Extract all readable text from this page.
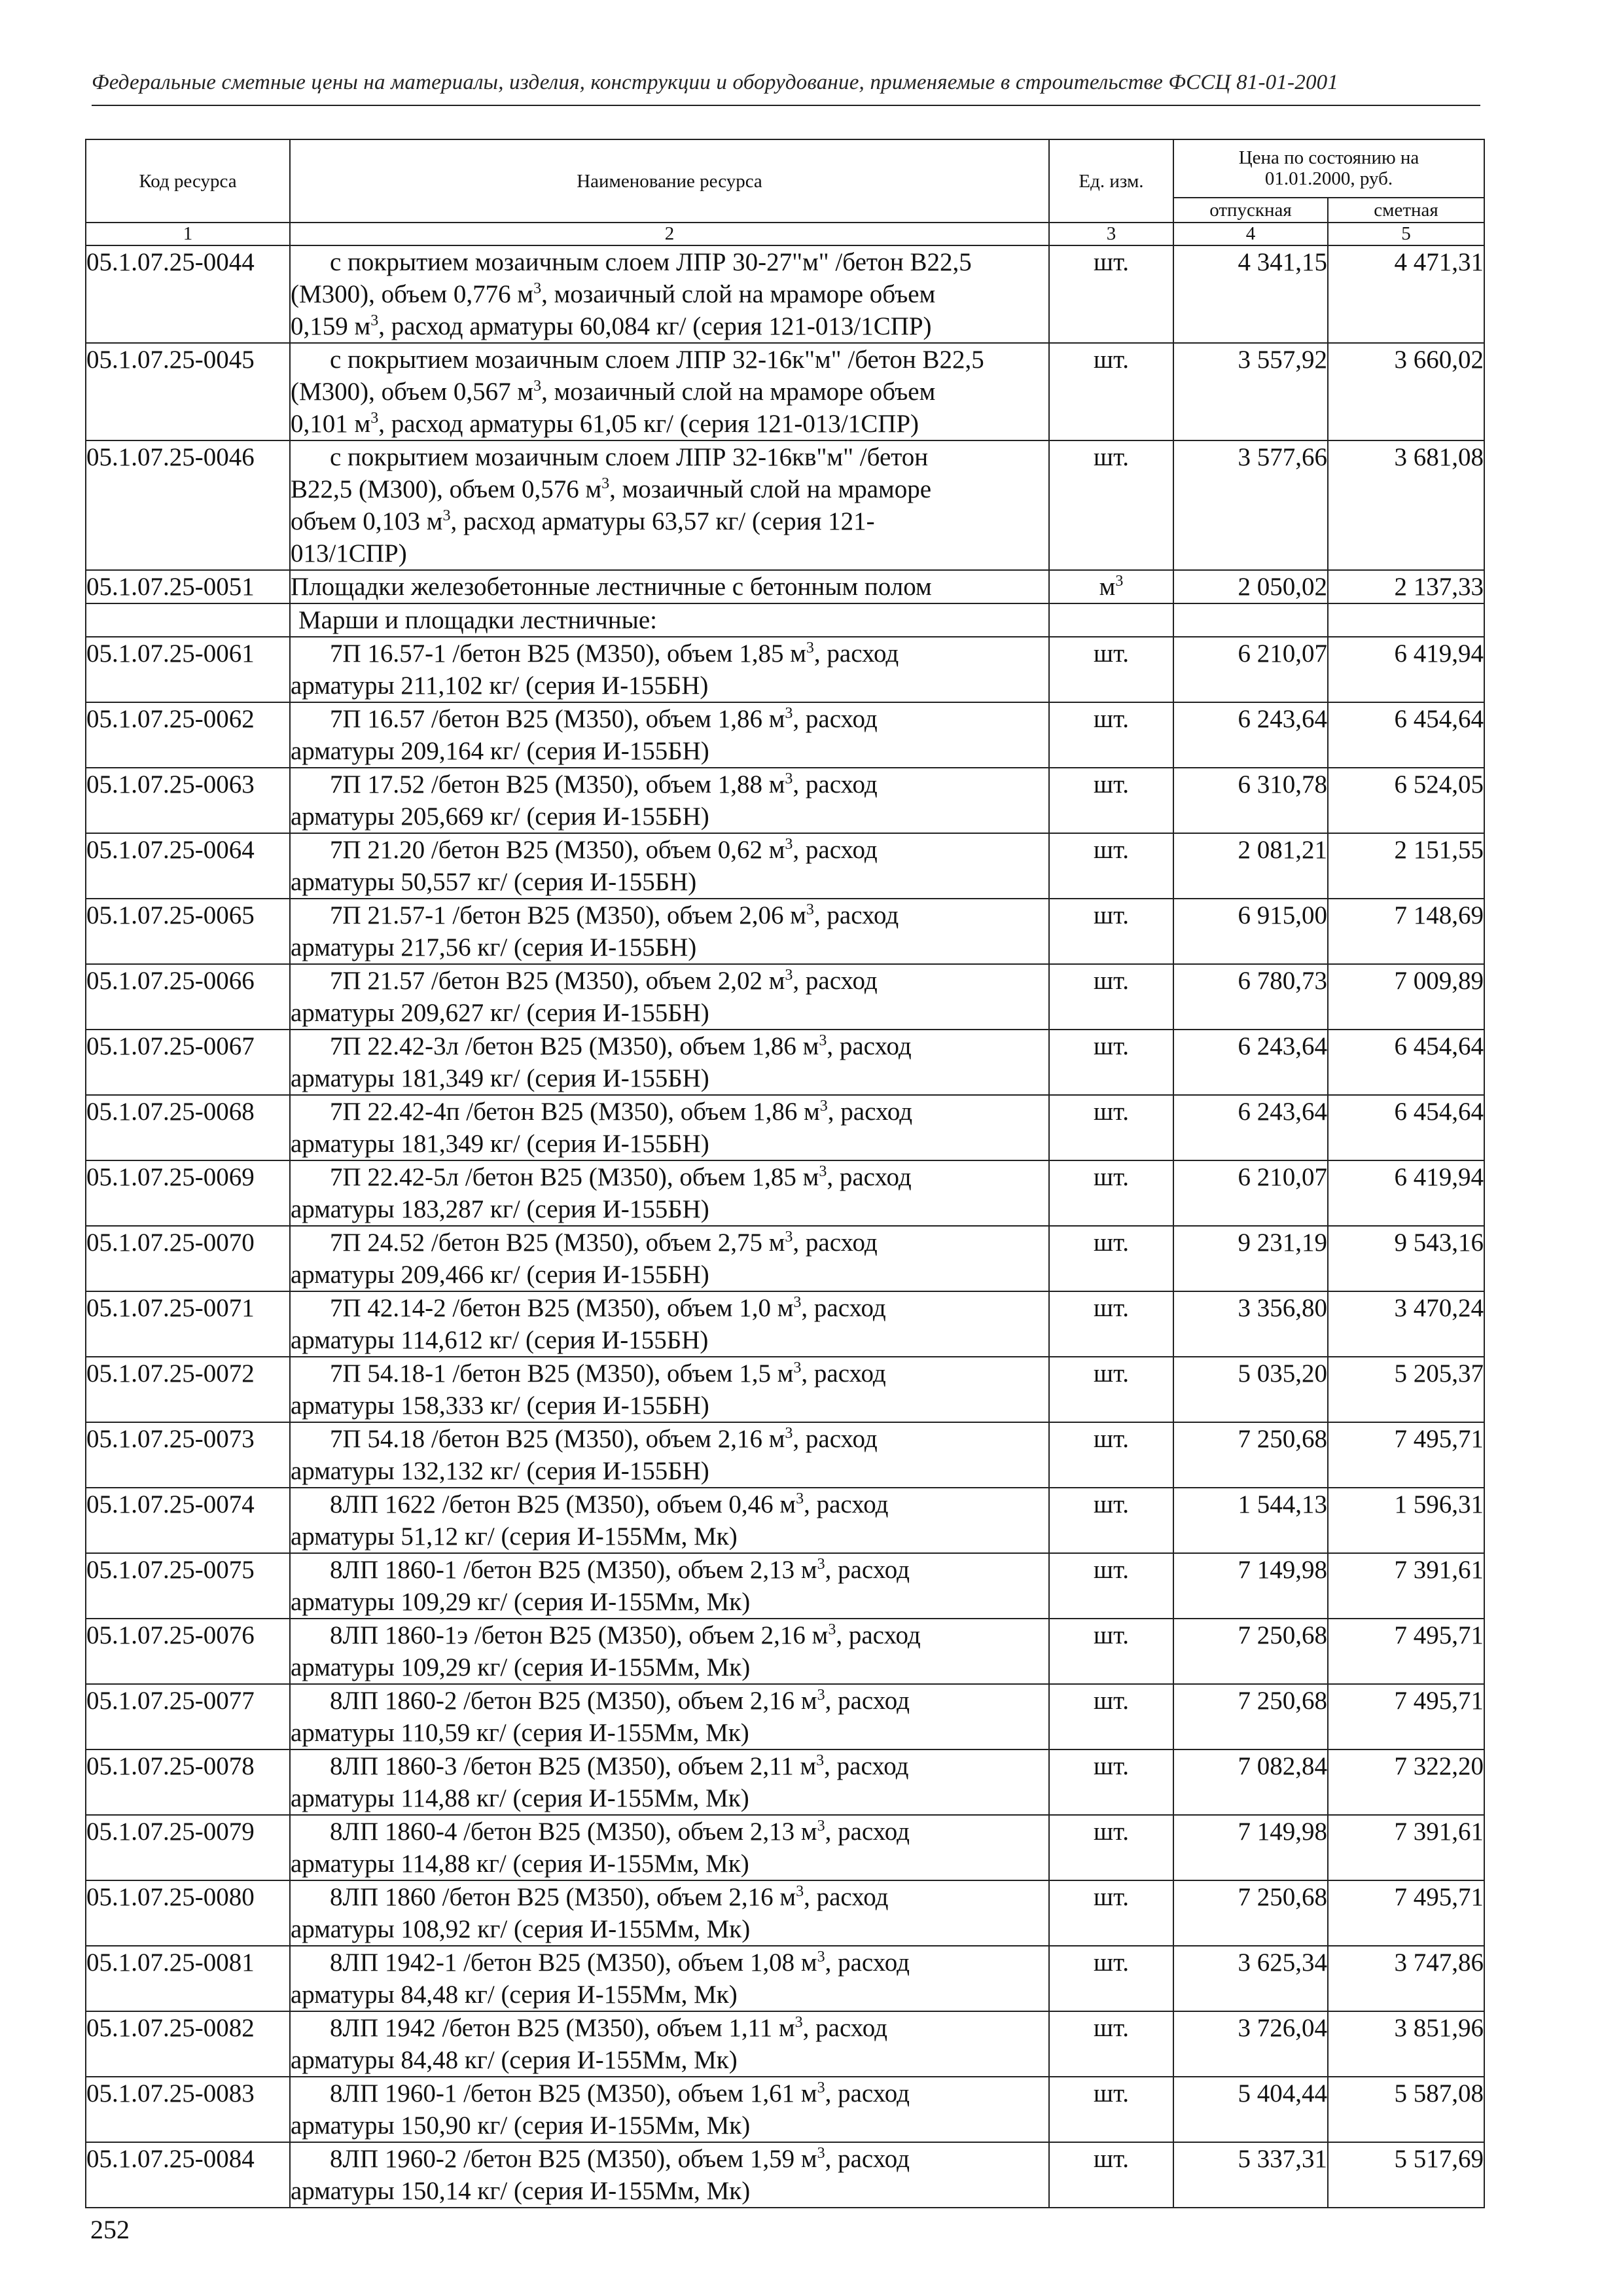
Федеральные сметные цены на материалы, изделия, конструкции и оборудование, применяемые в строительстве ФССЦ 81-01-2001
Код ресурса	Наименование ресурса	Ед. изм.	Цена по состоянию на
01.01.2000, руб.	

			отпускная	сметная
1	2	3	4	5
05.1.07.25-0044	с покрытием мозаичным слоем ЛПР 30-27"м" /бетон В22,5
(М300), объем 0,776 $м^3$, мозаичный слой на мраморе объем
0,159 $м^3$, расход арматуры 60,084 кг/ (серия 121-013/1СПР)	шт.	4 341,15	4 471,31
05.1.07.25-0045	с покрытием мозаичным слоем ЛПР 32-16к"м" /бетон В22,5
(М300), объем 0,567 $м^3$, мозаичный слой на мраморе объем
0,101 $м^3$, расход арматуры 61,05 кг/ (серия 121-013/1СПР)	шт.	3 557,92	3 660,02
05.1.07.25-0046	с покрытием мозаичным слоем ЛПР 32-16кв"м" /бетон
В22,5 (М300), объем 0,576 $м^3$, мозаичный слой на мраморе
объем 0,103 $м^3$, расход арматуры 63,57 кг/ (серия 121-
013/1СПР)	шт.	3 577,66	3 681,08
05.1.07.25-0051	Площадки железобетонные лестничные с бетонным полом	$м^3$	2 050,02	2 137,33

	Марши и площадки лестничные:			

05.1.07.25-0061	7П 16.57-1 /бетон В25 (М350), объем 1,85 $м^3$, расход
арматуры 211,102 кг/ (серия И-155БН)	шт.	6 210,07	6 419,94
05.1.07.25-0062	7П 16.57 /бетон В25 (М350), объем 1,86 $м^3$, расход
арматуры 209,164 кг/ (серия И-155БН)	шт.	6 243,64	6 454,64
05.1.07.25-0063	7П 17.52 /бетон В25 (М350), объем 1,88 $м^3$, расход
арматуры 205,669 кг/ (серия И-155БН)	шт.	6 310,78	6 524,05
05.1.07.25-0064	7П 21.20 /бетон В25 (М350), объем 0,62 $м^3$, расход
арматуры 50,557 кг/ (серия И-155БН)	шт.	2 081,21	2 151,55
05.1.07.25-0065	7П 21.57-1 /бетон В25 (М350), объем 2,06 $м^3$, расход
арматуры 217,56 кг/ (серия И-155БН)	шт.	6 915,00	7 148,69
05.1.07.25-0066	7П 21.57 /бетон В25 (М350), объем 2,02 $м^3$, расход
арматуры 209,627 кг/ (серия И-155БН)	шт.	6 780,73	7 009,89
05.1.07.25-0067	7П 22.42-3л /бетон В25 (М350), объем 1,86 $м^3$, расход
арматуры 181,349 кг/ (серия И-155БН)	шт.	6 243,64	6 454,64
05.1.07.25-0068	7П 22.42-4п /бетон В25 (М350), объем 1,86 $м^3$, расход
арматуры 181,349 кг/ (серия И-155БН)	шт.	6 243,64	6 454,64
05.1.07.25-0069	7П 22.42-5л /бетон В25 (М350), объем 1,85 $м^3$, расход
арматуры 183,287 кг/ (серия И-155БН)	шт.	6 210,07	6 419,94
05.1.07.25-0070	7П 24.52 /бетон В25 (М350), объем 2,75 $м^3$, расход
арматуры 209,466 кг/ (серия И-155БН)	шт.	9 231,19	9 543,16
05.1.07.25-0071	7П 42.14-2 /бетон В25 (М350), объем 1,0 $м^3$, расход
арматуры 114,612 кг/ (серия И-155БН)	шт.	3 356,80	3 470,24
05.1.07.25-0072	7П 54.18-1 /бетон В25 (М350), объем 1,5 $м^3$, расход
арматуры 158,333 кг/ (серия И-155БН)	шт.	5 035,20	5 205,37
05.1.07.25-0073	7П 54.18 /бетон В25 (М350), объем 2,16 $м^3$, расход
арматуры 132,132 кг/ (серия И-155БН)	шт.	7 250,68	7 495,71
05.1.07.25-0074	8ЛП 1622 /бетон В25 (М350), объем 0,46 $м^3$, расход
арматуры 51,12 кг/ (серия И-155Мм, Мк)	шт.	1 544,13	1 596,31
05.1.07.25-0075	8ЛП 1860-1 /бетон В25 (М350), объем 2,13 $м^3$, расход
арматуры 109,29 кг/ (серия И-155Мм, Мк)	шт.	7 149,98	7 391,61
05.1.07.25-0076	8ЛП 1860-1э /бетон В25 (М350), объем 2,16 $м^3$, расход
арматуры 109,29 кг/ (серия И-155Мм, Мк)	шт.	7 250,68	7 495,71
05.1.07.25-0077	8ЛП 1860-2 /бетон В25 (М350), объем 2,16 $м^3$, расход
арматуры 110,59 кг/ (серия И-155Мм, Мк)	шт.	7 250,68	7 495,71
05.1.07.25-0078	8ЛП 1860-3 /бетон В25 (М350), объем 2,11 $м^3$, расход
арматуры 114,88 кг/ (серия И-155Мм, Мк)	шт.	7 082,84	7 322,20
05.1.07.25-0079	8ЛП 1860-4 /бетон В25 (М350), объем 2,13 $м^3$, расход
арматуры 114,88 кг/ (серия И-155Мм, Мк)	шт.	7 149,98	7 391,61
05.1.07.25-0080	8ЛП 1860 /бетон В25 (М350), объем 2,16 $м^3$, расход
арматуры 108,92 кг/ (серия И-155Мм, Мк)	шт.	7 250,68	7 495,71
05.1.07.25-0081	8ЛП 1942-1 /бетон В25 (М350), объем 1,08 $м^3$, расход
арматуры 84,48 кг/ (серия И-155Мм, Мк)	шт.	3 625,34	3 747,86
05.1.07.25-0082	8ЛП 1942 /бетон В25 (М350), объем 1,11 $м^3$, расход
арматуры 84,48 кг/ (серия И-155Мм, Мк)	шт.	3 726,04	3 851,96
05.1.07.25-0083	8ЛП 1960-1 /бетон В25 (М350), объем 1,61 $м^3$, расход
арматуры 150,90 кг/ (серия И-155Мм, Мк)	шт.	5 404,44	5 587,08
05.1.07.25-0084	8ЛП 1960-2 /бетон В25 (М350), объем 1,59 $м^3$, расход
арматуры 150,14 кг/ (серия И-155Мм, Мк)	шт.	5 337,31	5 517,69
252
